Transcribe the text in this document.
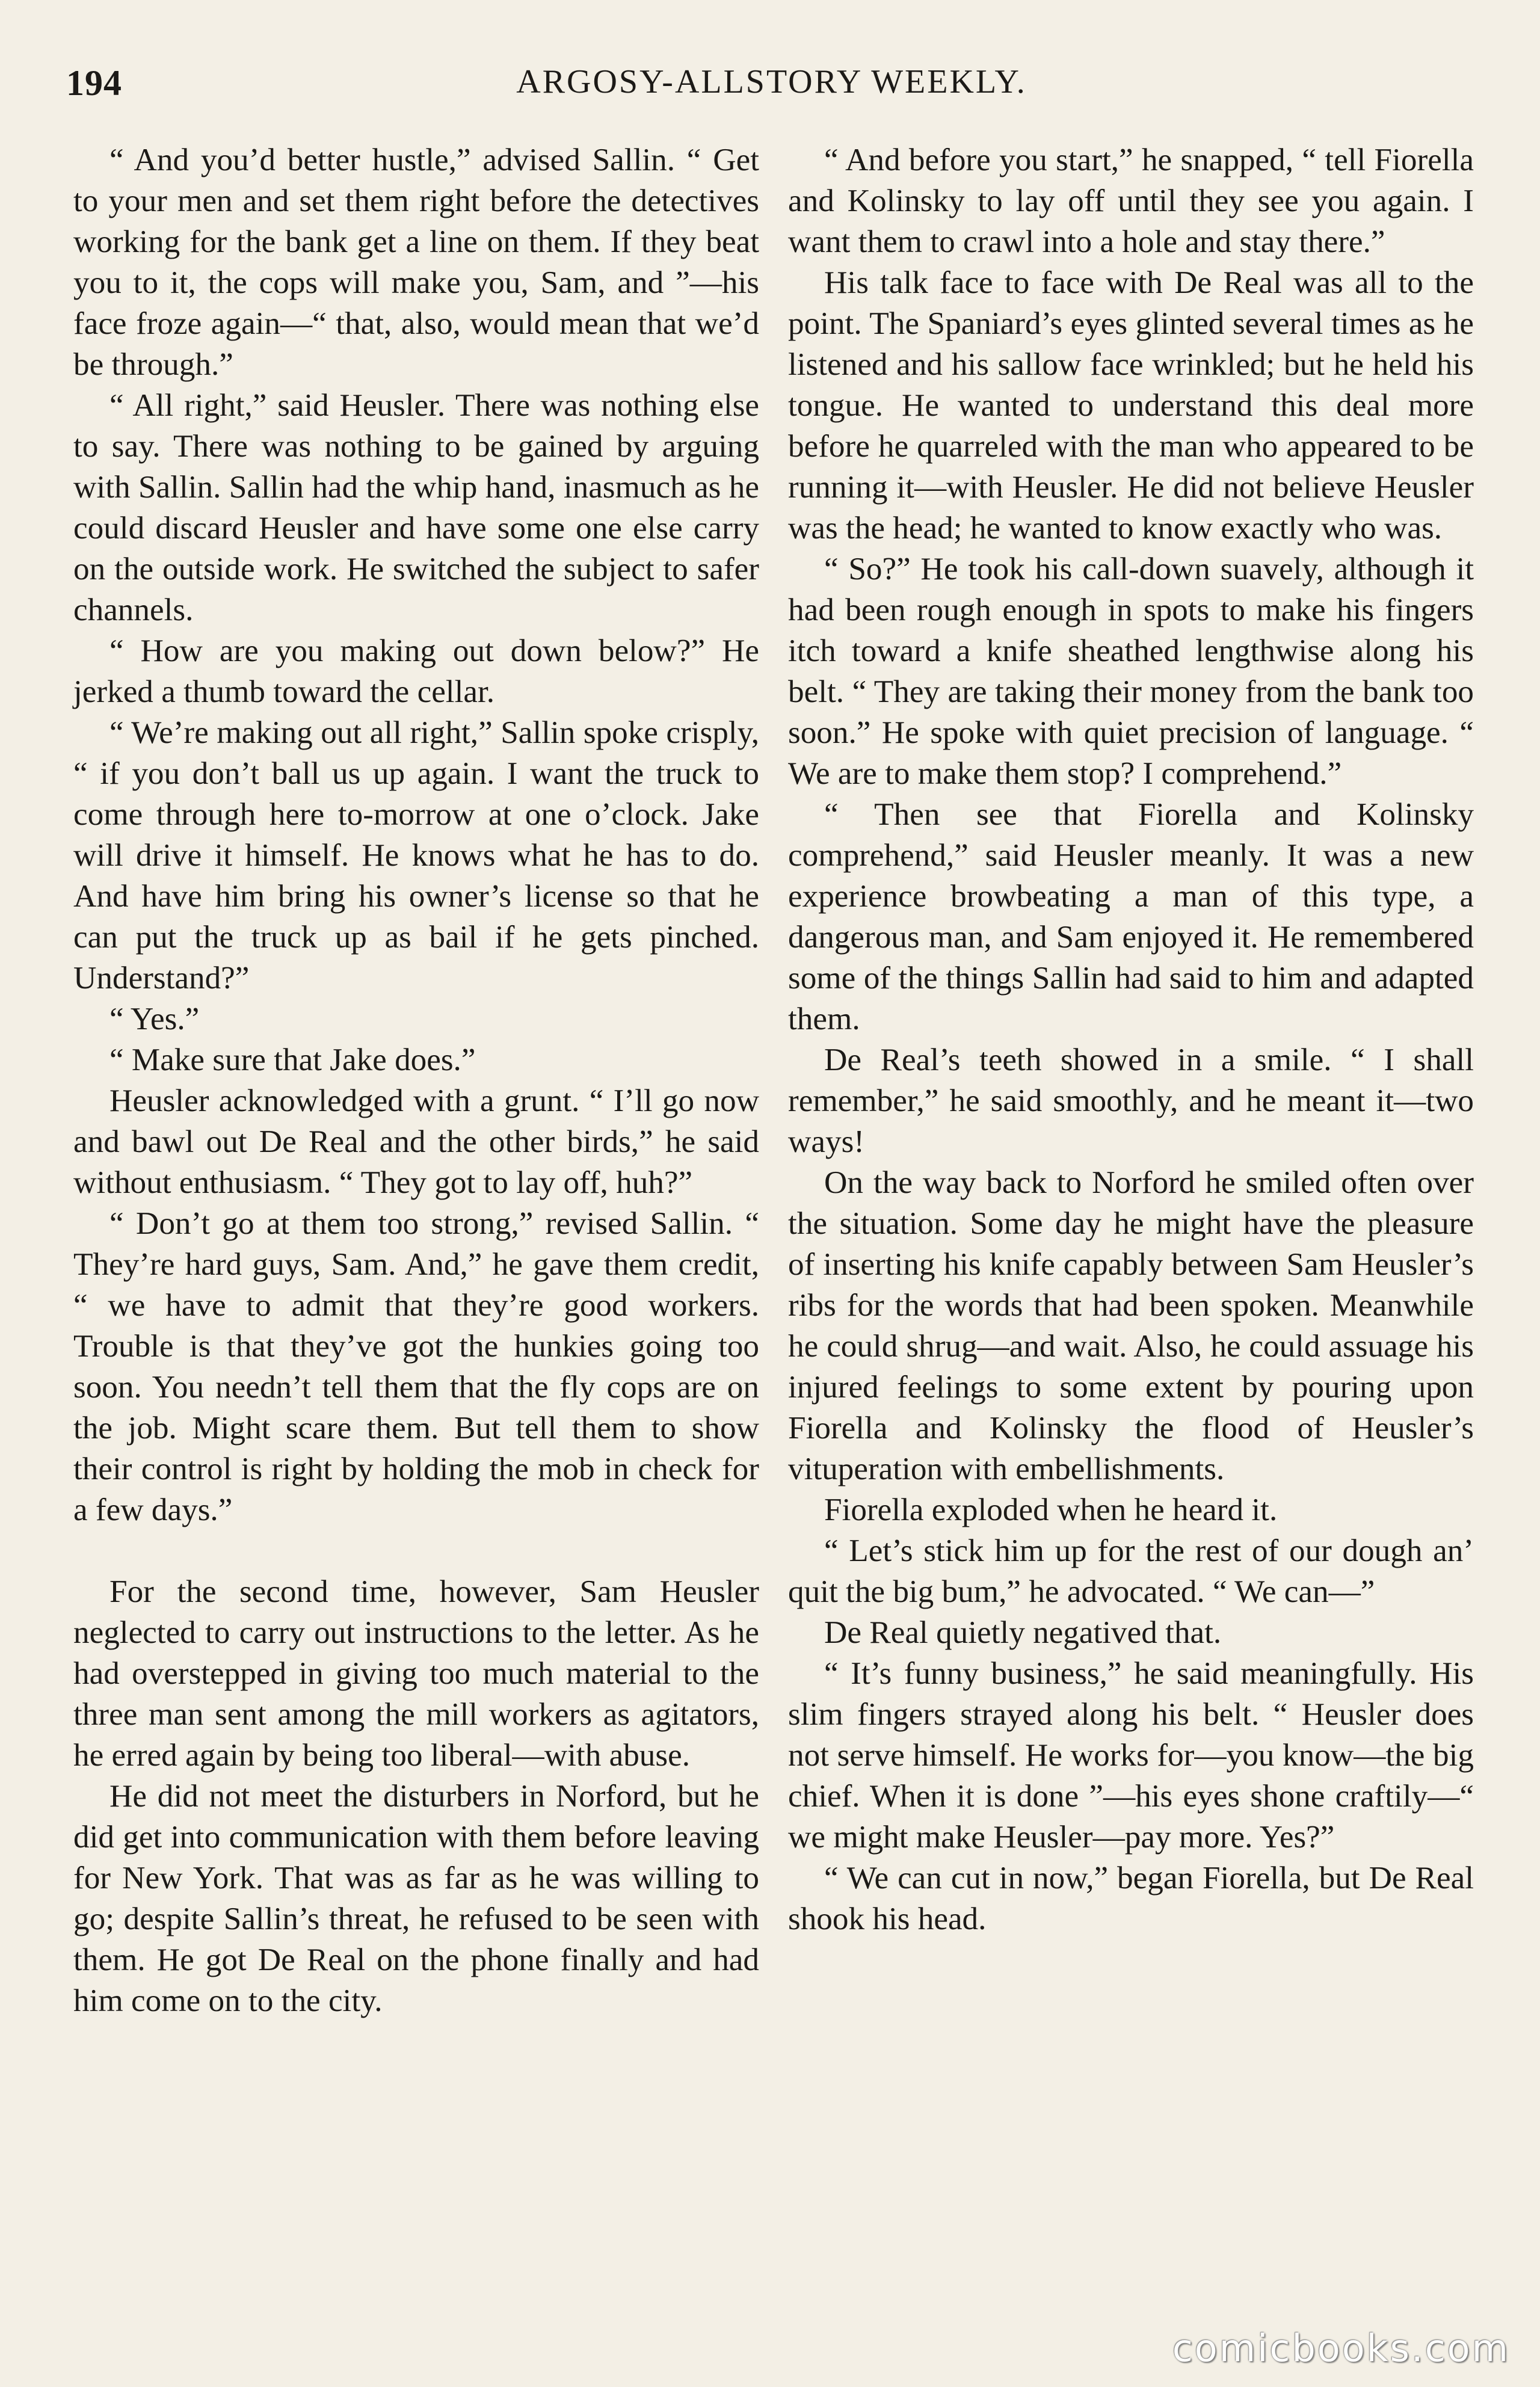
194	ARGOSY-ALLSTORY WEEKLY.

“ And you’d better hustle,” advised Sallin. “ Get to your men and set them right before the detectives working for the bank get a line on them. If they beat you to it, the cops will make you, Sam, and ”—his face froze again—“ that, also, would mean that we’d be through.”

“ All right,” said Heusler. There was nothing else to say. There was nothing to be gained by arguing with Sallin. Sallin had the whip hand, inasmuch as he could discard Heusler and have some one else carry on the outside work. He switched the subject to safer channels.

“ How are you making out down below?” He jerked a thumb toward the cellar.

“ We’re making out all right,” Sallin spoke crisply, “ if you don’t ball us up again. I want the truck to come through here to-morrow at one o’clock. Jake will drive it himself. He knows what he has to do. And have him bring his owner’s license so that he can put the truck up as bail if he gets pinched. Understand?”

“ Yes.”

“ Make sure that Jake does.”

Heusler acknowledged with a grunt. “ I’ll go now and bawl out De Real and the other birds,” he said without enthusiasm. “ They got to lay off, huh?”

“ Don’t go at them too strong,” revised Sallin. “ They’re hard guys, Sam. And,” he gave them credit, “ we have to admit that they’re good workers. Trouble is that they’ve got the hunkies going too soon. You needn’t tell them that the fly cops are on the job. Might scare them. But tell them to show their control is right by holding the mob in check for a few days.”

For the second time, however, Sam Heusler neglected to carry out instructions to the letter. As he had overstepped in giving too much material to the three man sent among the mill workers as agitators, he erred again by being too liberal—with abuse.

He did not meet the disturbers in Norford, but he did get into communication with them before leaving for New York. That was as far as he was willing to go; despite Sallin’s threat, he refused to be seen with them. He got De Real on the phone finally and had him come on to the city.

“ And before you start,” he snapped, “ tell Fiorella and Kolinsky to lay off until they see you again. I want them to crawl into a hole and stay there.”

His talk face to face with De Real was all to the point. The Spaniard’s eyes glinted several times as he listened and his sallow face wrinkled; but he held his tongue. He wanted to understand this deal more before he quarreled with the man who appeared to be running it—with Heusler. He did not believe Heusler was the head; he wanted to know exactly who was.

“ So?” He took his call-down suavely, although it had been rough enough in spots to make his fingers itch toward a knife sheathed lengthwise along his belt. “ They are taking their money from the bank too soon.” He spoke with quiet precision of language. “ We are to make them stop? I comprehend.”

“ Then see that Fiorella and Kolinsky comprehend,” said Heusler meanly. It was a new experience browbeating a man of this type, a dangerous man, and Sam enjoyed it. He remembered some of the things Sallin had said to him and adapted them.

De Real’s teeth showed in a smile. “ I shall remember,” he said smoothly, and he meant it—two ways!

On the way back to Norford he smiled often over the situation. Some day he might have the pleasure of inserting his knife capably between Sam Heusler’s ribs for the words that had been spoken. Meanwhile he could shrug—and wait. Also, he could assuage his injured feelings to some extent by pouring upon Fiorella and Kolinsky the flood of Heusler’s vituperation with embellishments.

Fiorella exploded when he heard it.

“ Let’s stick him up for the rest of our dough an’ quit the big bum,” he advocated. “ We can—”

De Real quietly negatived that.

“ It’s funny business,” he said meaningfully. His slim fingers strayed along his belt. “ Heusler does not serve himself. He works for—you know—the big chief. When it is done ”—his eyes shone craftily—“ we might make Heusler—pay more. Yes?”

“ We can cut in now,” began Fiorella, but De Real shook his head.

comicbooks.com
